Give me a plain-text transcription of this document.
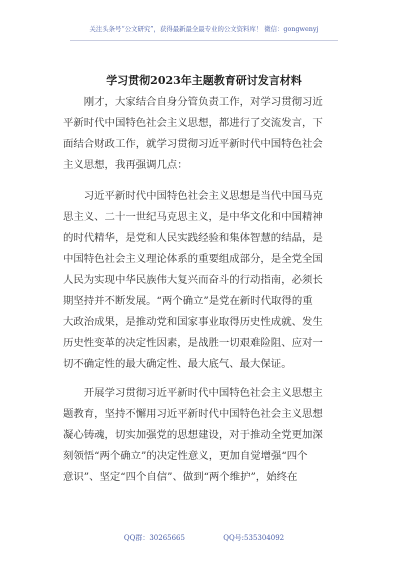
关注头条号“公文研究”，获得最新最全最专业的公文资料库！ 微信：gongwenyj
学习贯彻2023年主题教育研讨发言材料
　　刚才，大家结合自身分管负责工作，对学习贯彻习近
平新时代中国特色社会主义思想，都进行了交流发言，下
面结合财政工作，就学习贯彻习近平新时代中国特色社会
主义思想，我再强调几点：
　　习近平新时代中国特色社会主义思想是当代中国马克
思主义、二十一世纪马克思主义，是中华文化和中国精神
的时代精华，是党和人民实践经验和集体智慧的结晶，是
中国特色社会主义理论体系的重要组成部分，是全党全国
人民为实现中华民族伟大复兴而奋斗的行动指南，必须长
期坚持并不断发展。“两个确立”是党在新时代取得的重
大政治成果，是推动党和国家事业取得历史性成就、发生
历史性变革的决定性因素，是战胜一切艰难险阻、应对一
切不确定性的最大确定性、最大底气、最大保证。
　　开展学习贯彻习近平新时代中国特色社会主义思想主
题教育，坚持不懈用习近平新时代中国特色社会主义思想
凝心铸魂，切实加强党的思想建设，对于推动全党更加深
刻领悟“两个确立”的决定性意义，更加自觉增强“四个
意识”、坚定“四个自信”、做到“两个维护”，始终在
QQ群：30265665	QQ号:535304092
